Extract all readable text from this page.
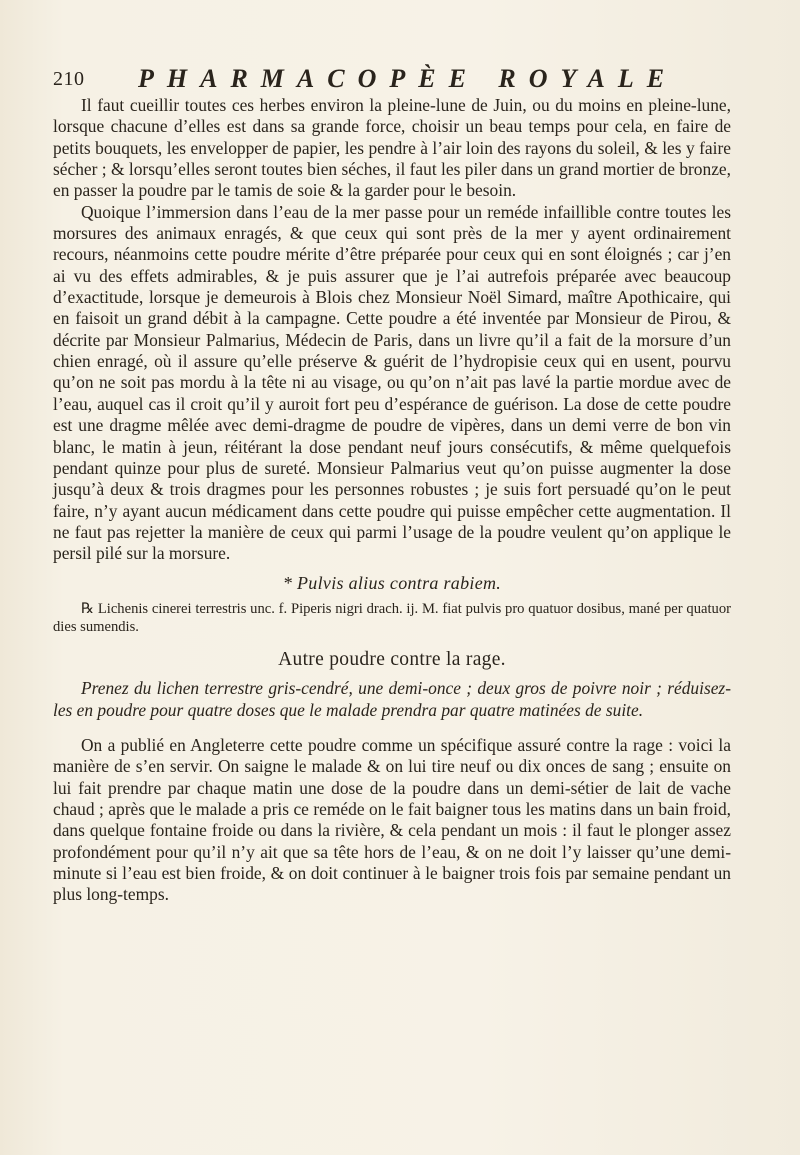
210 PHARMACOPÈE ROYALE

Il faut cueillir toutes ces herbes environ la pleine-lune de Juin, ou du moins en pleine-lune, lorsque chacune d’elles est dans sa grande force, choisir un beau temps pour cela, en faire de petits bouquets, les envelopper de papier, les pendre à l’air loin des rayons du soleil, & les y faire sécher ; & lorsqu’elles seront toutes bien séches, il faut les piler dans un grand mortier de bronze, en passer la poudre par le tamis de soie & la garder pour le besoin.

Quoique l’immersion dans l’eau de la mer passe pour un reméde infaillible contre toutes les morsures des animaux enragés, & que ceux qui sont près de la mer y ayent ordinairement recours, néanmoins cette poudre mérite d’être préparée pour ceux qui en sont éloignés ; car j’en ai vu des effets admirables, & je puis assurer que je l’ai autrefois préparée avec beaucoup d’exactitude, lorsque je demeurois à Blois chez Monsieur Noël Simard, maître Apothicaire, qui en faisoit un grand débit à la campagne. Cette poudre a été inventée par Monsieur de Pirou, & décrite par Monsieur Palmarius, Médecin de Paris, dans un livre qu’il a fait de la morsure d’un chien enragé, où il assure qu’elle préserve & guérit de l’hydropisie ceux qui en usent, pourvu qu’on ne soit pas mordu à la tête ni au visage, ou qu’on n’ait pas lavé la partie mordue avec de l’eau, auquel cas il croit qu’il y auroit fort peu d’espérance de guérison. La dose de cette poudre est une dragme mêlée avec demi-dragme de poudre de vipères, dans un demi verre de bon vin blanc, le matin à jeun, réitérant la dose pendant neuf jours consécutifs, & même quelquefois pendant quinze pour plus de sureté. Monsieur Palmarius veut qu’on puisse augmenter la dose jusqu’à deux & trois dragmes pour les personnes robustes ; je suis fort persuadé qu’on le peut faire, n’y ayant aucun médicament dans cette poudre qui puisse empêcher cette augmentation. Il ne faut pas rejetter la manière de ceux qui parmi l’usage de la poudre veulent qu’on applique le persil pilé sur la morsure.

* Pulvis alius contra rabiem.

℞ Lichenis cinerei terrestris unc. f. Piperis nigri drach. ij. M. fiat pulvis pro quatuor dosibus, mané per quatuor dies sumendis.

Autre poudre contre la rage.

Prenez du lichen terrestre gris-cendré, une demi-once ; deux gros de poivre noir ; réduisez-les en poudre pour quatre doses que le malade prendra par quatre matinées de suite.

On a publié en Angleterre cette poudre comme un spécifique assuré contre la rage : voici la manière de s’en servir. On saigne le malade & on lui tire neuf ou dix onces de sang ; ensuite on lui fait prendre par chaque matin une dose de la poudre dans un demi-sétier de lait de vache chaud ; après que le malade a pris ce reméde on le fait baigner tous les matins dans un bain froid, dans quelque fontaine froide ou dans la rivière, & cela pendant un mois : il faut le plonger assez profondément pour qu’il n’y ait que sa tête hors de l’eau, & on ne doit l’y laisser qu’une demi-minute si l’eau est bien froide, & on doit continuer à le baigner trois fois par semaine pendant un plus long-temps.
